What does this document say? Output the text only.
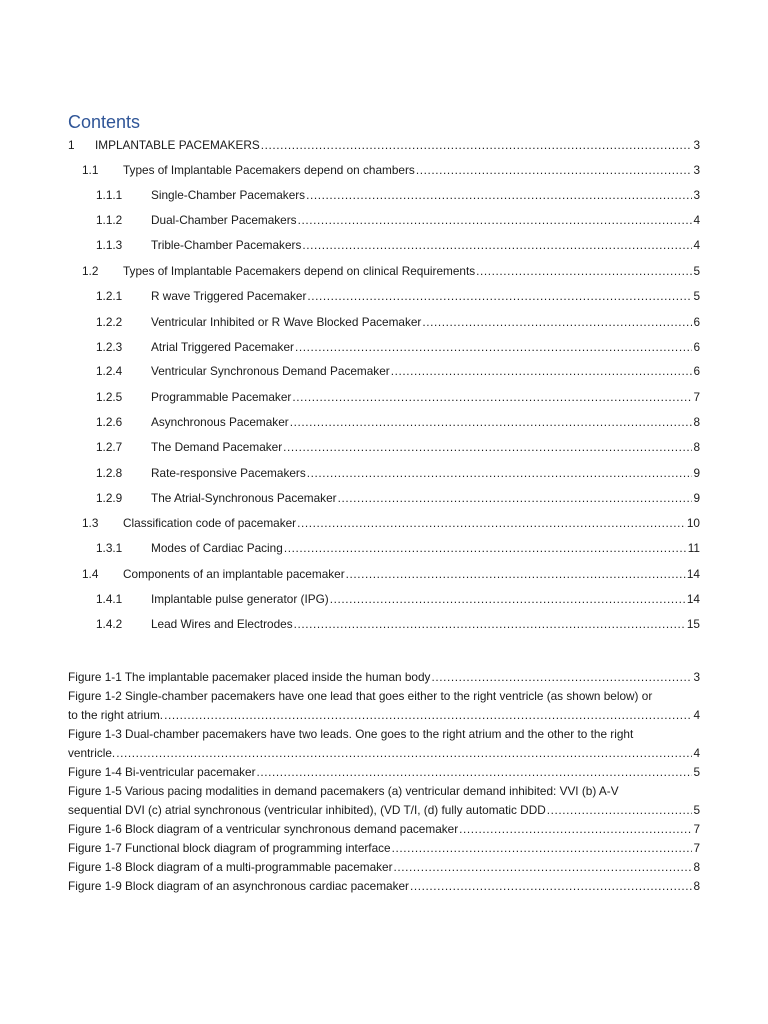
Contents
1	IMPLANTABLE PACEMAKERS .....	3
1.1	Types of Implantable Pacemakers depend on chambers .....	3
1.1.1	Single-Chamber Pacemakers .....	3
1.1.2	Dual-Chamber Pacemakers .....	4
1.1.3	Trible-Chamber Pacemakers .....	4
1.2	Types of Implantable Pacemakers depend on clinical Requirements .....	5
1.2.1	R wave Triggered Pacemaker .....	5
1.2.2	Ventricular Inhibited or R Wave Blocked Pacemaker .....	6
1.2.3	Atrial Triggered Pacemaker .....	6
1.2.4	Ventricular Synchronous Demand Pacemaker .....	6
1.2.5	Programmable Pacemaker .....	7
1.2.6	Asynchronous Pacemaker .....	8
1.2.7	The Demand Pacemaker .....	8
1.2.8	Rate-responsive Pacemakers .....	9
1.2.9	The Atrial-Synchronous Pacemaker .....	9
1.3	Classification code of pacemaker .....	10
1.3.1	Modes of Cardiac Pacing .....	11
1.4	Components of an implantable pacemaker .....	14
1.4.1	Implantable pulse generator (IPG) .....	14
1.4.2	Lead Wires and Electrodes .....	15
Figure 1-1 The implantable pacemaker placed inside the human body .....	3
Figure 1-2 Single-chamber pacemakers have one lead that goes either to the right ventricle (as shown below) or
to the right atrium. .....	4
Figure 1-3 Dual-chamber pacemakers have two leads. One goes to the right atrium and the other to the right
ventricle. .....	4
Figure 1-4 Bi-ventricular pacemaker .....	5
Figure 1-5 Various pacing modalities in demand pacemakers (a) ventricular demand inhibited: VVI (b) A-V
sequential DVI (c) atrial synchronous (ventricular inhibited), (VD T/I, (d) fully automatic DDD .....	5
Figure 1-6 Block diagram of a ventricular synchronous demand pacemaker .....	7
Figure 1-7 Functional block diagram of programming interface .....	7
Figure 1-8 Block diagram of a multi-programmable pacemaker .....	8
Figure 1-9 Block diagram of an asynchronous cardiac pacemaker .....	8
